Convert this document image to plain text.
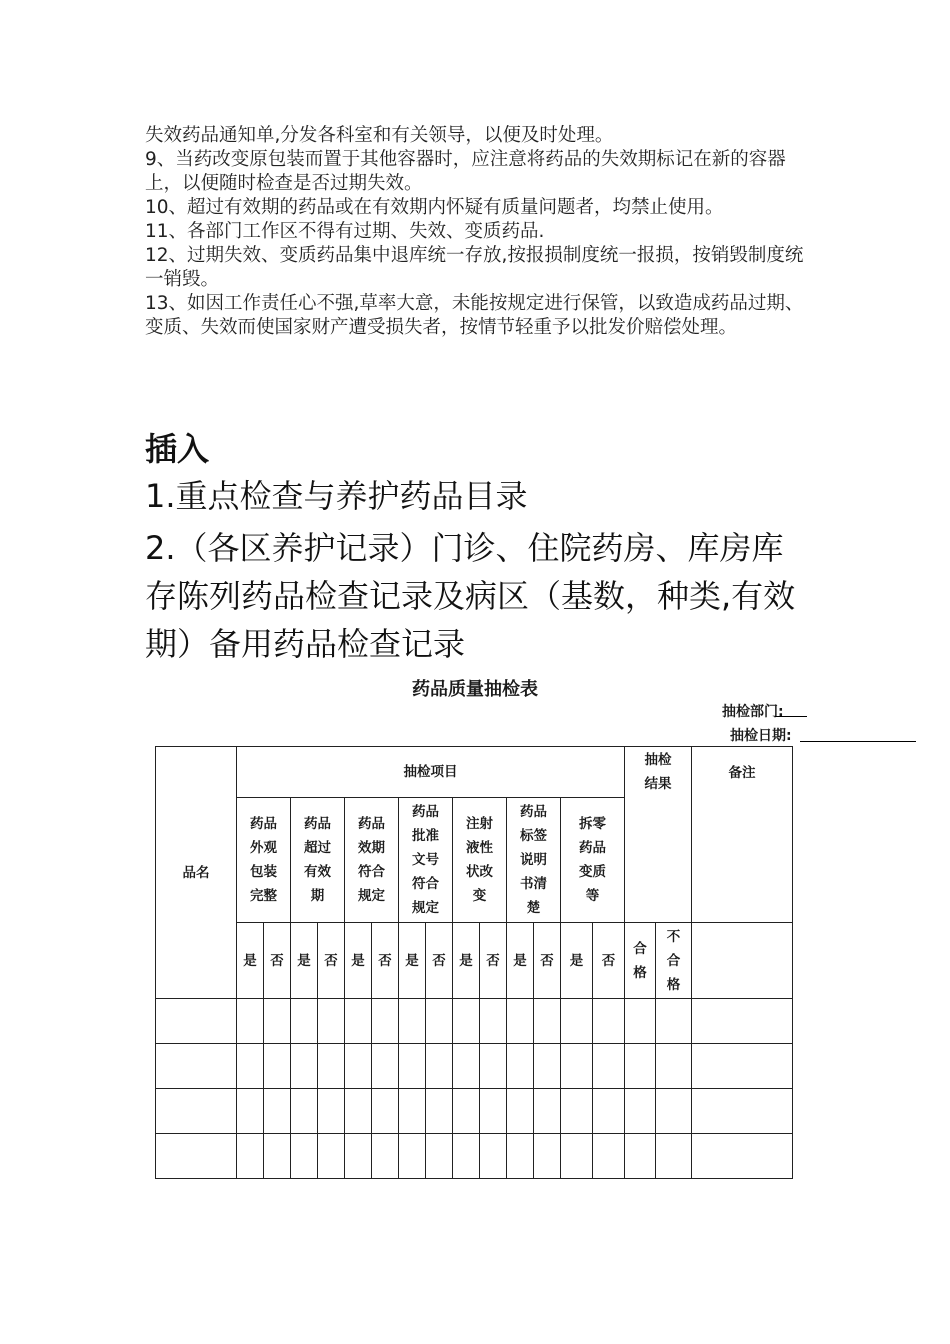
失效药品通知单,分发各科室和有关领导，以便及时处理。
9、当药改变原包装而置于其他容器时，应注意将药品的失效期标记在新的容器上，以便随时检查是否过期失效。
10、超过有效期的药品或在有效期内怀疑有质量问题者，均禁止使用。
11、各部门工作区不得有过期、失效、变质药品.
12、过期失效、变质药品集中退库统一存放,按报损制度统一报损，按销毁制度统一销毁。
13、如因工作责任心不强,草率大意，未能按规定进行保管，以致造成药品过期、变质、失效而使国家财产遭受损失者，按情节轻重予以批发价赔偿处理。

插入

1.重点检查与养护药品目录

2.（各区养护记录）门诊、住院药房、库房库存陈列药品检查记录及病区（基数，种类,有效期）备用药品检查记录

药品质量抽检表
抽检部门:
抽检日期:
品名	抽检项目														抽检结果		备注
	药品外观包装完整		药品超过有效期		药品效期符合规定		药品批准文号符合规定		注射液性状改变		药品标签说明书清楚		拆零药品变质等				
	是	否	是	否	是	否	是	否	是	否	是	否	是	否	合格	不合格	
